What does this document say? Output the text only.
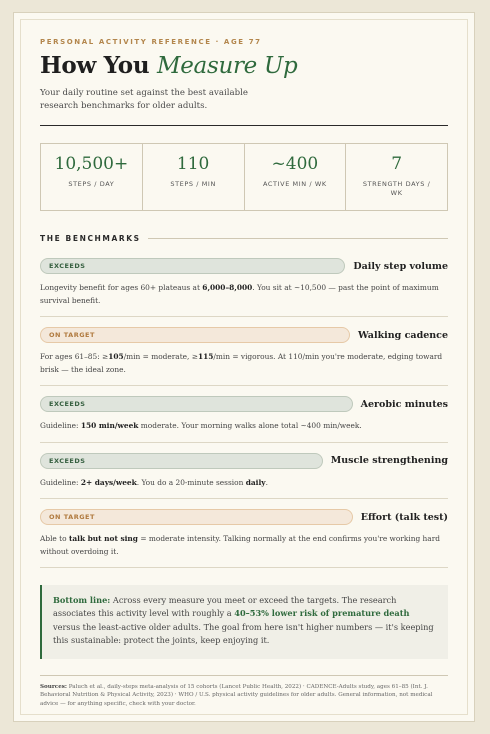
PERSONAL ACTIVITY REFERENCE · AGE 77
How You Measure Up
Your daily routine set against the best available research benchmarks for older adults.
10,500+
STEPS / DAY
110
STEPS / MIN
~400
ACTIVE MIN / WK
7
STRENGTH DAYS / WK
THE BENCHMARKS
EXCEEDS	Daily step volume
Longevity benefit for ages 60+ plateaus at 6,000–8,000. You sit at ~10,500 — past the point of maximum survival benefit.
ON TARGET	Walking cadence
For ages 61–85: ≥105/min = moderate, ≥115/min = vigorous. At 110/min you're moderate, edging toward brisk — the ideal zone.
EXCEEDS	Aerobic minutes
Guideline: 150 min/week moderate. Your morning walks alone total ~400 min/week.
EXCEEDS	Muscle strengthening
Guideline: 2+ days/week. You do a 20-minute session daily.
ON TARGET	Effort (talk test)
Able to talk but not sing = moderate intensity. Talking normally at the end confirms you're working hard without overdoing it.
Bottom line: Across every measure you meet or exceed the targets. The research associates this activity level with roughly a 40–53% lower risk of premature death versus the least-active older adults. The goal from here isn't higher numbers — it's keeping this sustainable: protect the joints, keep enjoying it.
Sources: Paluch et al., daily-steps meta-analysis of 15 cohorts (Lancet Public Health, 2022) · CADENCE-Adults study, ages 61–85 (Int. J. Behavioral Nutrition & Physical Activity, 2023) · WHO / U.S. physical activity guidelines for older adults. General information, not medical advice — for anything specific, check with your doctor.
